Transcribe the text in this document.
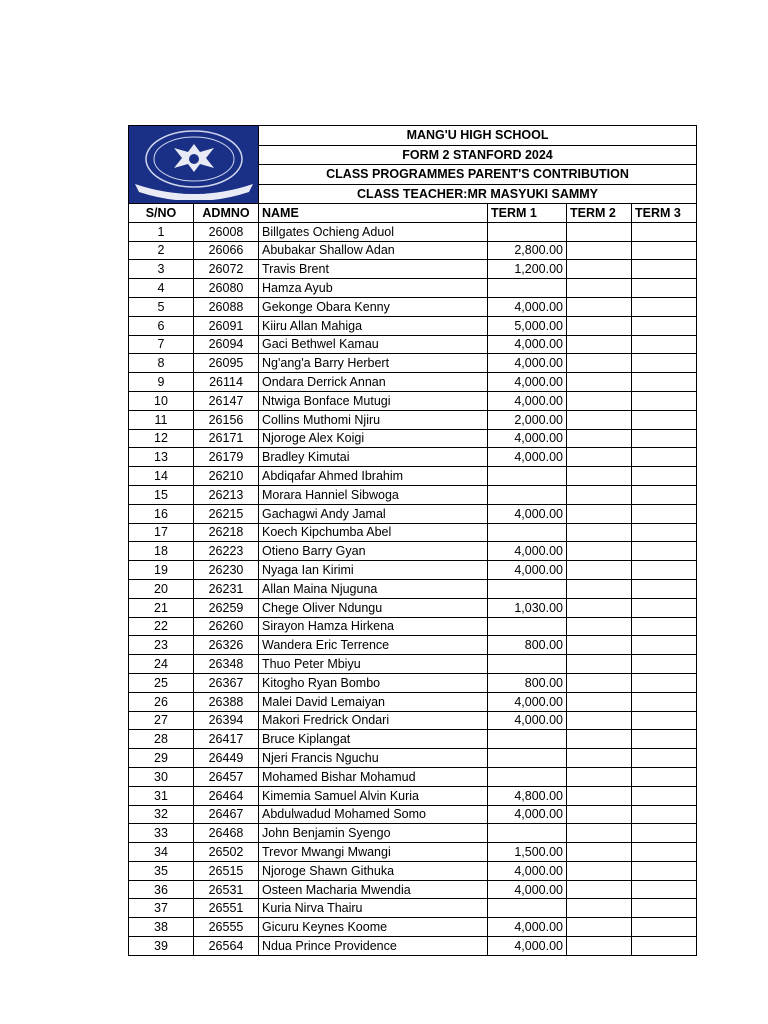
MANG'U		MANG'U HIGH SCHOOL			
		FORM 2 STANFORD 2024			
		CLASS PROGRAMMES PARENT'S CONTRIBUTION			
		CLASS TEACHER:MR MASYUKI SAMMY			
S/NO	ADMNO	NAME	TERM 1	TERM 2	TERM 3
1	26008	Billgates Ochieng Aduol			
2	26066	Abubakar Shallow Adan	2,800.00		
3	26072	Travis Brent	1,200.00		
4	26080	Hamza Ayub			
5	26088	Gekonge Obara Kenny	4,000.00		
6	26091	Kiiru Allan Mahiga	5,000.00		
7	26094	Gaci Bethwel Kamau	4,000.00		
8	26095	Ng'ang'a Barry Herbert	4,000.00		
9	26114	Ondara Derrick Annan	4,000.00		
10	26147	Ntwiga Bonface Mutugi	4,000.00		
11	26156	Collins Muthomi Njiru	2,000.00		
12	26171	Njoroge Alex Koigi	4,000.00		
13	26179	Bradley Kimutai	4,000.00		
14	26210	Abdiqafar Ahmed Ibrahim			
15	26213	Morara Hanniel Sibwoga			
16	26215	Gachagwi Andy Jamal	4,000.00		
17	26218	Koech Kipchumba Abel			
18	26223	Otieno Barry Gyan	4,000.00		
19	26230	Nyaga Ian Kirimi	4,000.00		
20	26231	Allan Maina Njuguna			
21	26259	Chege Oliver Ndungu	1,030.00		
22	26260	Sirayon Hamza Hirkena			
23	26326	Wandera Eric Terrence	800.00		
24	26348	Thuo Peter Mbiyu			
25	26367	Kitogho Ryan Bombo	800.00		
26	26388	Malei David Lemaiyan	4,000.00		
27	26394	Makori Fredrick Ondari	4,000.00		
28	26417	Bruce Kiplangat			
29	26449	Njeri Francis Nguchu			
30	26457	Mohamed Bishar Mohamud			
31	26464	Kimemia Samuel Alvin Kuria	4,800.00		
32	26467	Abdulwadud Mohamed Somo	4,000.00		
33	26468	John Benjamin Syengo			
34	26502	Trevor Mwangi Mwangi	1,500.00		
35	26515	Njoroge Shawn Githuka	4,000.00		
36	26531	Osteen Macharia Mwendia	4,000.00		
37	26551	Kuria Nirva Thairu			
38	26555	Gicuru Keynes Koome	4,000.00		
39	26564	Ndua Prince Providence	4,000.00		
